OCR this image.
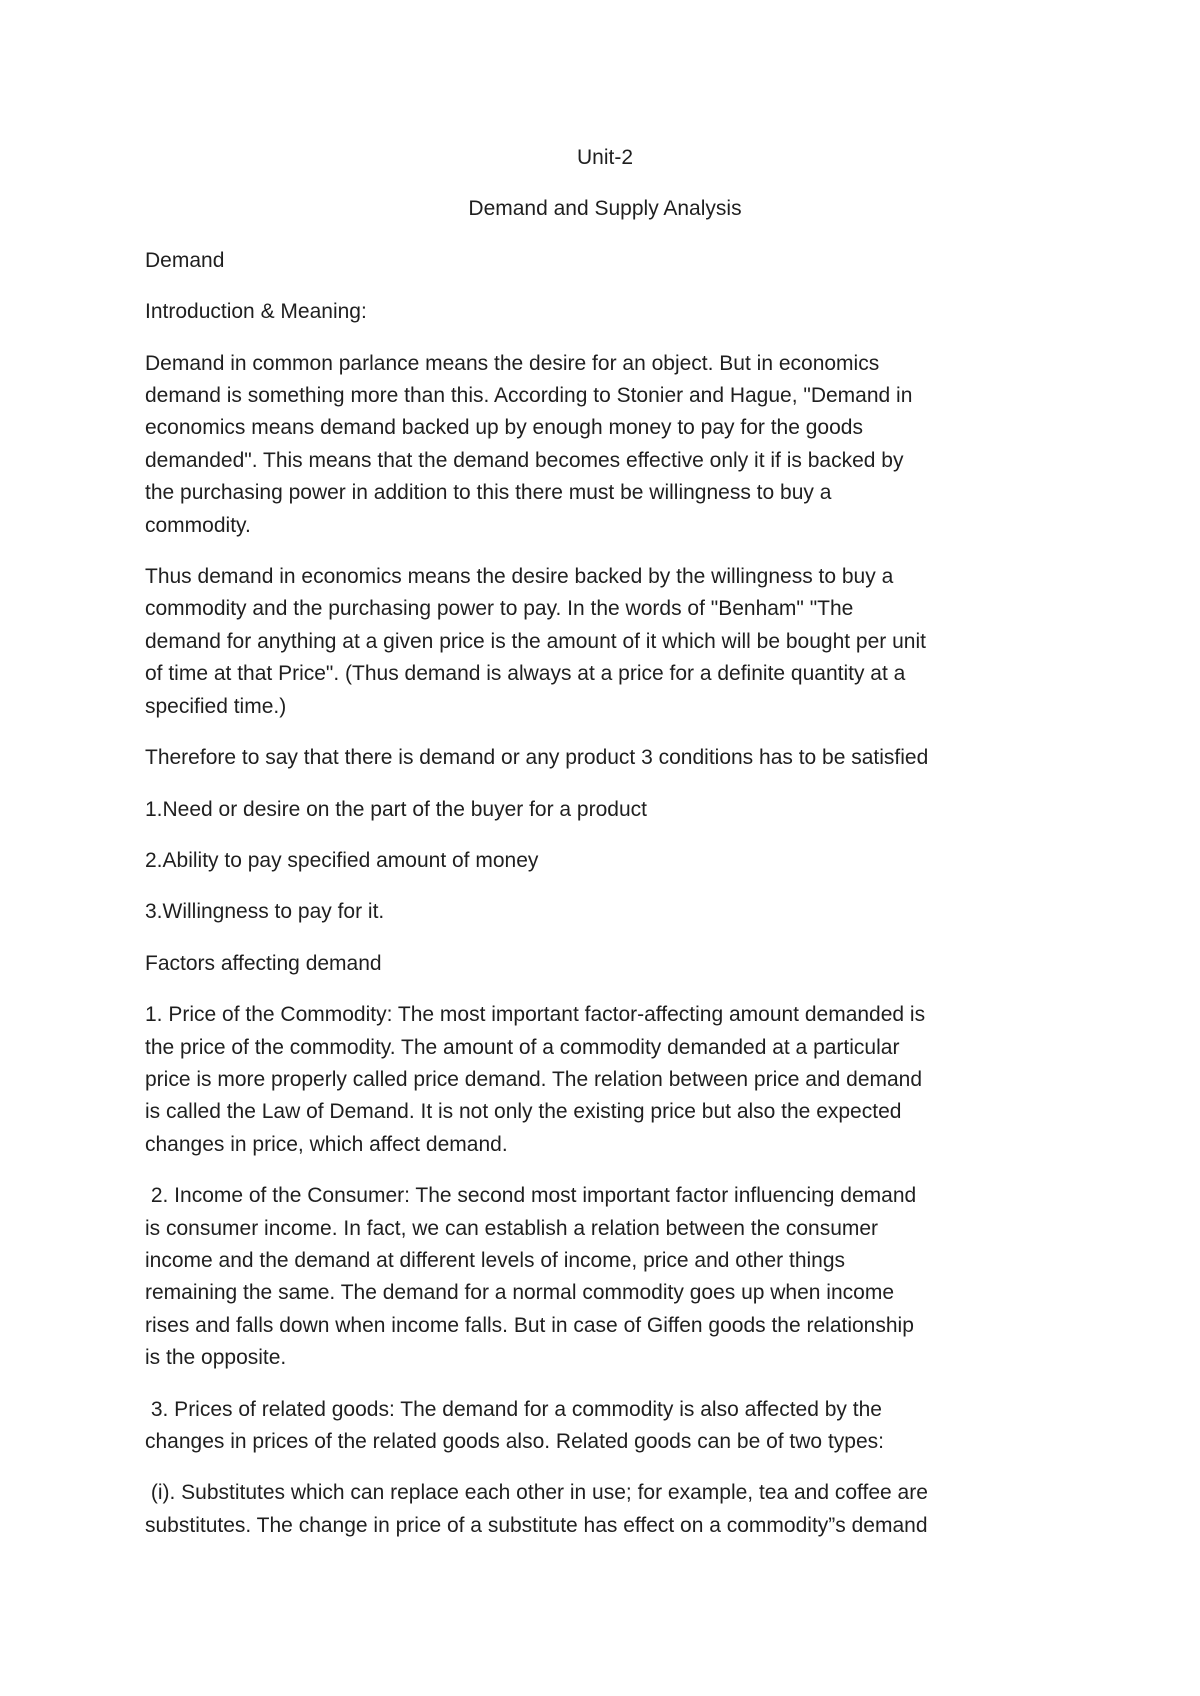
Unit-2
Demand and Supply Analysis
Demand
Introduction & Meaning:
Demand in common parlance means the desire for an object. But in economics
demand is something more than this. According to Stonier and Hague, "Demand in
economics means demand backed up by enough money to pay for the goods
demanded". This means that the demand becomes effective only it if is backed by
the purchasing power in addition to this there must be willingness to buy a
commodity.
Thus demand in economics means the desire backed by the willingness to buy a
commodity and the purchasing power to pay. In the words of "Benham" "The
demand for anything at a given price is the amount of it which will be bought per unit
of time at that Price". (Thus demand is always at a price for a definite quantity at a
specified time.)
Therefore to say that there is demand or any product 3 conditions has to be satisfied
1.Need or desire on the part of the buyer for a product
2.Ability to pay specified amount of money
3.Willingness to pay for it.
Factors affecting demand
1. Price of the Commodity: The most important factor-affecting amount demanded is
the price of the commodity. The amount of a commodity demanded at a particular
price is more properly called price demand. The relation between price and demand
is called the Law of Demand. It is not only the existing price but also the expected
changes in price, which affect demand.
2. Income of the Consumer: The second most important factor influencing demand
is consumer income. In fact, we can establish a relation between the consumer
income and the demand at different levels of income, price and other things
remaining the same. The demand for a normal commodity goes up when income
rises and falls down when income falls. But in case of Giffen goods the relationship
is the opposite.
3. Prices of related goods: The demand for a commodity is also affected by the
changes in prices of the related goods also. Related goods can be of two types:
(i). Substitutes which can replace each other in use; for example, tea and coffee are
substitutes. The change in price of a substitute has effect on a commodity”s demand
